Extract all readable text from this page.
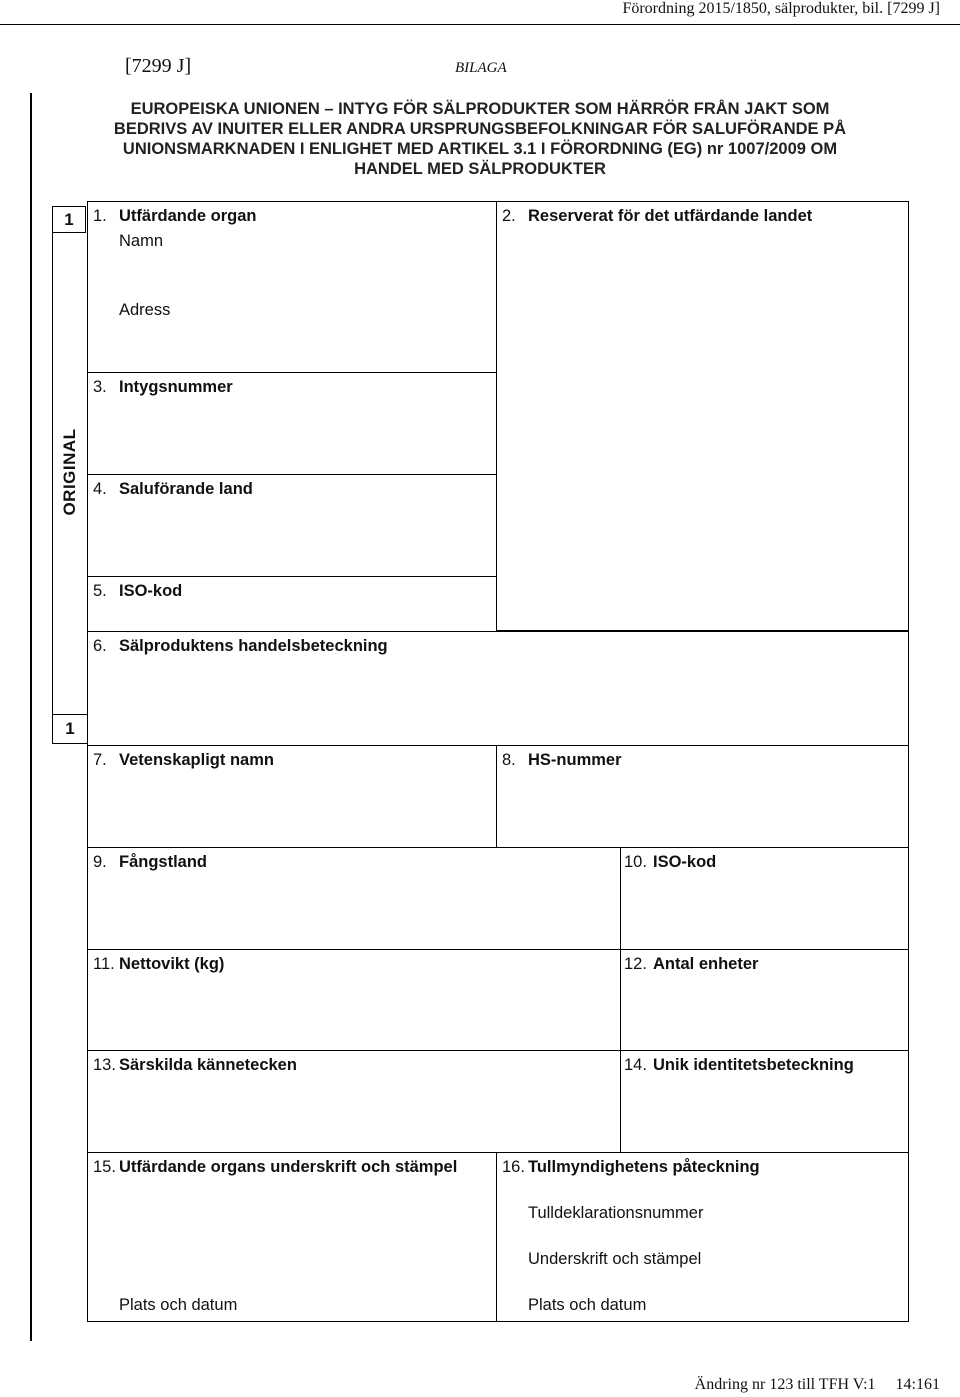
Förordning 2015/1850, sälprodukter, bil. [7299 J]
[7299 J]	BILAGA
EUROPEISKA UNIONEN – INTYG FÖR SÄLPRODUKTER SOM HÄRRÖR FRÅN JAKT SOM
BEDRIVS AV INUITER ELLER ANDRA URSPRUNGSBEFOLKNINGAR FÖR SALUFÖRANDE PÅ
UNIONSMARKNADEN I ENLIGHET MED ARTIKEL 3.1 I FÖRORDNING (EG) nr 1007/2009 OM
HANDEL MED SÄLPRODUKTER
1
ORIGINAL
1
2. Reserverat för det utfärdande landet
1. Utfärdande organ
Namn
Adress
3. Intygsnummer
4. Saluförande land
5. ISO-kod
6. Sälproduktens handelsbeteckning
7. Vetenskapligt namn	8. HS-nummer
9. Fångstland	10. ISO-kod
11. Nettovikt (kg)	12. Antal enheter
13. Särskilda kännetecken	14. Unik identitetsbeteckning
15. Utfärdande organs underskrift och stämpel
Plats och datum
16. Tullmyndighetens påteckning
Tulldeklarationsnummer
Underskrift och stämpel
Plats och datum
Ändring nr 123 till TFH V:1     14:161
